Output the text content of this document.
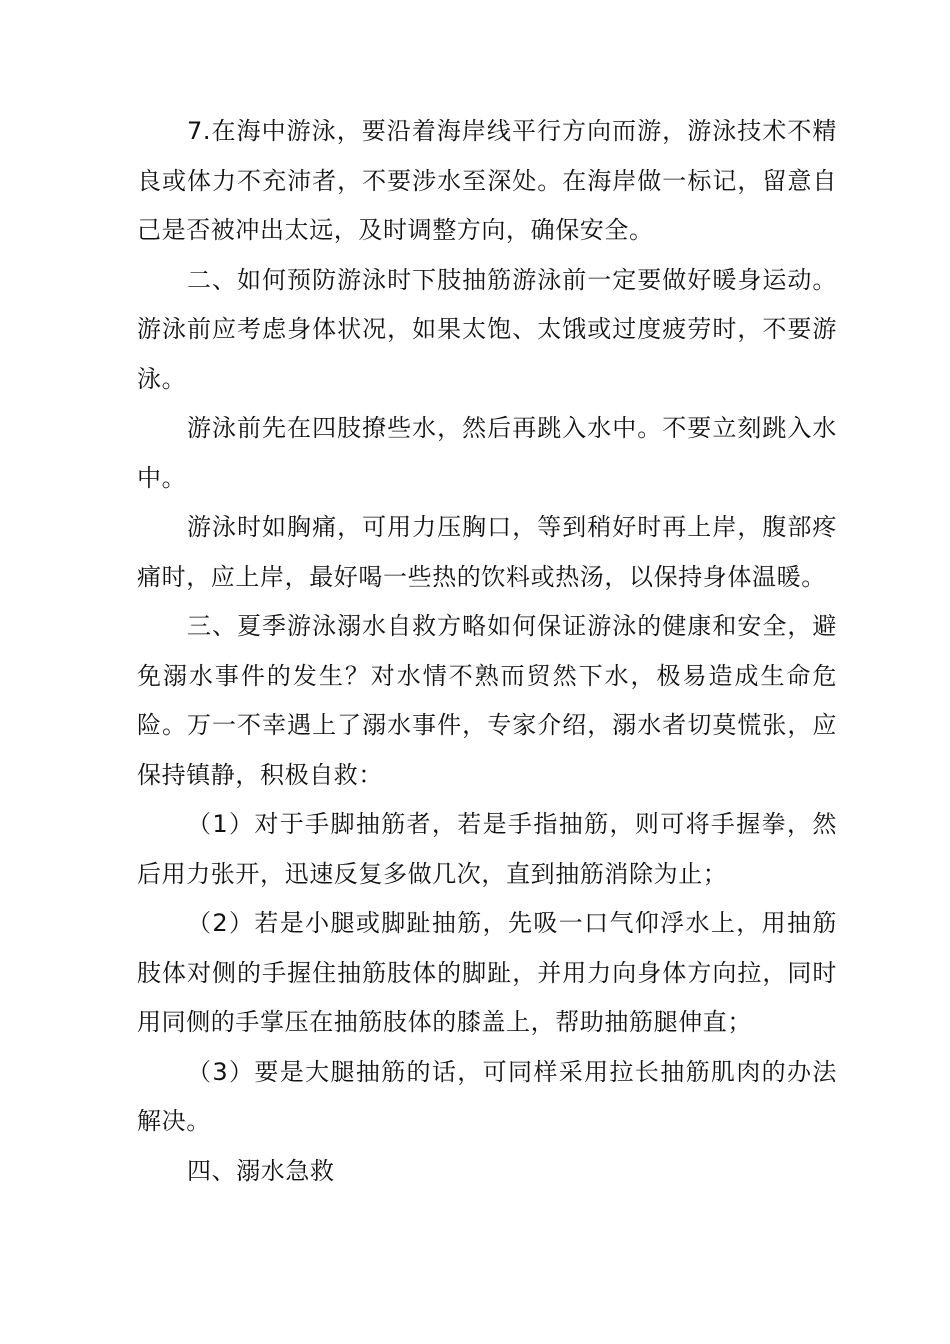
7.在海中游泳，要沿着海岸线平行方向而游，游泳技术不精良或体力不充沛者，不要涉水至深处。在海岸做一标记，留意自己是否被冲出太远，及时调整方向，确保安全。

二、如何预防游泳时下肢抽筋游泳前一定要做好暖身运动。游泳前应考虑身体状况，如果太饱、太饿或过度疲劳时，不要游泳。

游泳前先在四肢撩些水，然后再跳入水中。不要立刻跳入水中。

游泳时如胸痛，可用力压胸口，等到稍好时再上岸，腹部疼痛时，应上岸，最好喝一些热的饮料或热汤，以保持身体温暖。

三、夏季游泳溺水自救方略如何保证游泳的健康和安全，避免溺水事件的发生？对水情不熟而贸然下水，极易造成生命危险。万一不幸遇上了溺水事件，专家介绍，溺水者切莫慌张，应保持镇静，积极自救：

（1）对于手脚抽筋者，若是手指抽筋，则可将手握拳，然后用力张开，迅速反复多做几次，直到抽筋消除为止；

（2）若是小腿或脚趾抽筋，先吸一口气仰浮水上，用抽筋肢体对侧的手握住抽筋肢体的脚趾，并用力向身体方向拉，同时用同侧的手掌压在抽筋肢体的膝盖上，帮助抽筋腿伸直；

（3）要是大腿抽筋的话，可同样采用拉长抽筋肌肉的办法解决。

四、溺水急救
